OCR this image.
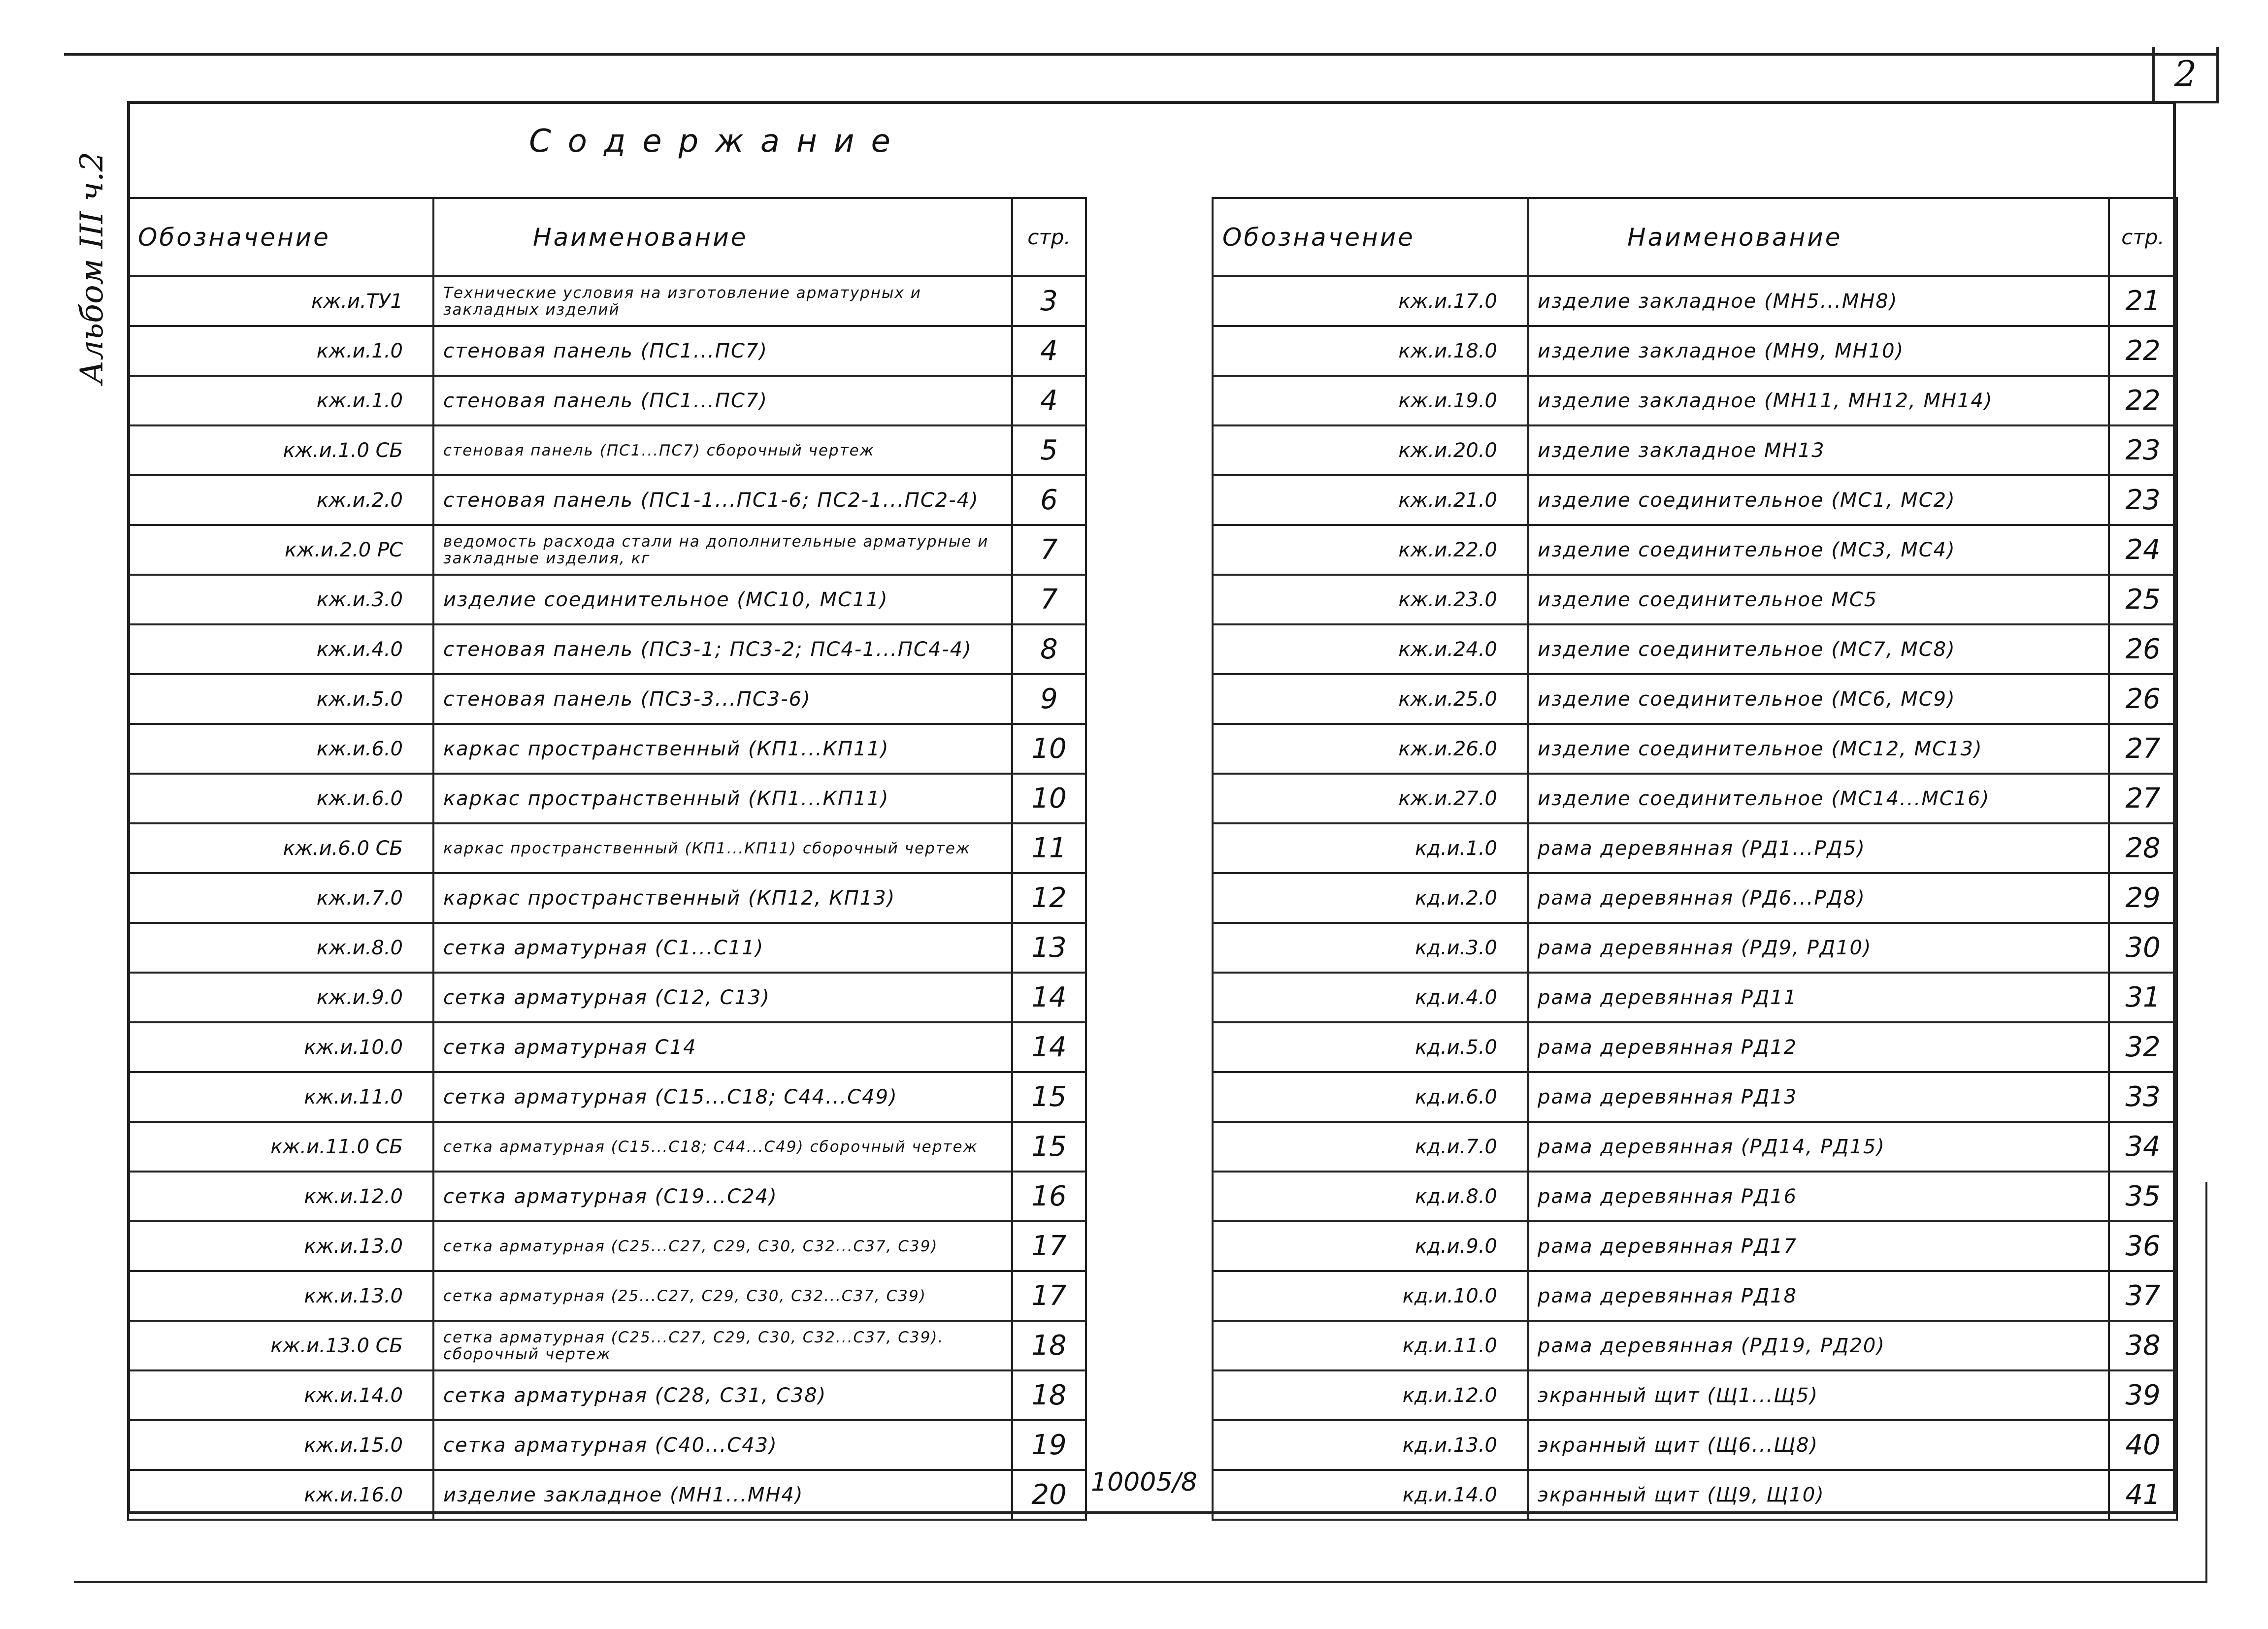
2
Альбом III ч.2
Содержание
Обозначение	Наименование	стр.
кж.и.ТУ1	Технические условия на изготовление арматурных и закладных изделий	3
кж.и.1.0	стеновая панель (ПС1...ПС7)	4
кж.и.1.0	стеновая панель (ПС1...ПС7)	4
кж.и.1.0 СБ	стеновая панель (ПС1...ПС7) сборочный чертеж	5
кж.и.2.0	стеновая панель (ПС1-1...ПС1-6; ПС2-1...ПС2-4)	6
кж.и.2.0 РС	ведомость расхода стали на дополнительные арматурные и закладные изделия, кг	7
кж.и.3.0	изделие соединительное (МС10, МС11)	7
кж.и.4.0	стеновая панель (ПС3-1; ПС3-2; ПС4-1...ПС4-4)	8
кж.и.5.0	стеновая панель (ПС3-3...ПС3-6)	9
кж.и.6.0	каркас пространственный (КП1...КП11)	10
кж.и.6.0	каркас пространственный (КП1...КП11)	10
кж.и.6.0 СБ	каркас пространственный (КП1...КП11) сборочный чертеж	11
кж.и.7.0	каркас пространственный (КП12, КП13)	12
кж.и.8.0	сетка арматурная (С1...С11)	13
кж.и.9.0	сетка арматурная (С12, С13)	14
кж.и.10.0	сетка арматурная С14	14
кж.и.11.0	сетка арматурная (С15...С18; С44...С49)	15
кж.и.11.0 СБ	сетка арматурная (С15...С18; С44...С49) сборочный чертеж	15
кж.и.12.0	сетка арматурная (С19...С24)	16
кж.и.13.0	сетка арматурная (С25...С27, С29, С30, С32...С37, С39)	17
кж.и.13.0	сетка арматурная (25...С27, С29, С30, С32...С37, С39)	17
кж.и.13.0 СБ	сетка арматурная (С25...С27, С29, С30, С32...С37, С39). сборочный чертеж	18
кж.и.14.0	сетка арматурная (С28, С31, С38)	18
кж.и.15.0	сетка арматурная (С40...С43)	19
кж.и.16.0	изделие закладное (МН1...МН4)	20
Обозначение	Наименование	стр.
кж.и.17.0	изделие закладное (МН5...МН8)	21
кж.и.18.0	изделие закладное (МН9, МН10)	22
кж.и.19.0	изделие закладное (МН11, МН12, МН14)	22
кж.и.20.0	изделие закладное МН13	23
кж.и.21.0	изделие соединительное (МС1, МС2)	23
кж.и.22.0	изделие соединительное (МС3, МС4)	24
кж.и.23.0	изделие соединительное МС5	25
кж.и.24.0	изделие соединительное (МС7, МС8)	26
кж.и.25.0	изделие соединительное (МС6, МС9)	26
кж.и.26.0	изделие соединительное (МС12, МС13)	27
кж.и.27.0	изделие соединительное (МС14...МС16)	27
кд.и.1.0	рама деревянная (РД1...РД5)	28
кд.и.2.0	рама деревянная (РД6...РД8)	29
кд.и.3.0	рама деревянная (РД9, РД10)	30
кд.и.4.0	рама деревянная РД11	31
кд.и.5.0	рама деревянная РД12	32
кд.и.6.0	рама деревянная РД13	33
кд.и.7.0	рама деревянная (РД14, РД15)	34
кд.и.8.0	рама деревянная РД16	35
кд.и.9.0	рама деревянная РД17	36
кд.и.10.0	рама деревянная РД18	37
кд.и.11.0	рама деревянная (РД19, РД20)	38
кд.и.12.0	экранный щит (Щ1...Щ5)	39
кд.и.13.0	экранный щит (Щ6...Щ8)	40
кд.и.14.0	экранный щит (Щ9, Щ10)	41
10005/8
